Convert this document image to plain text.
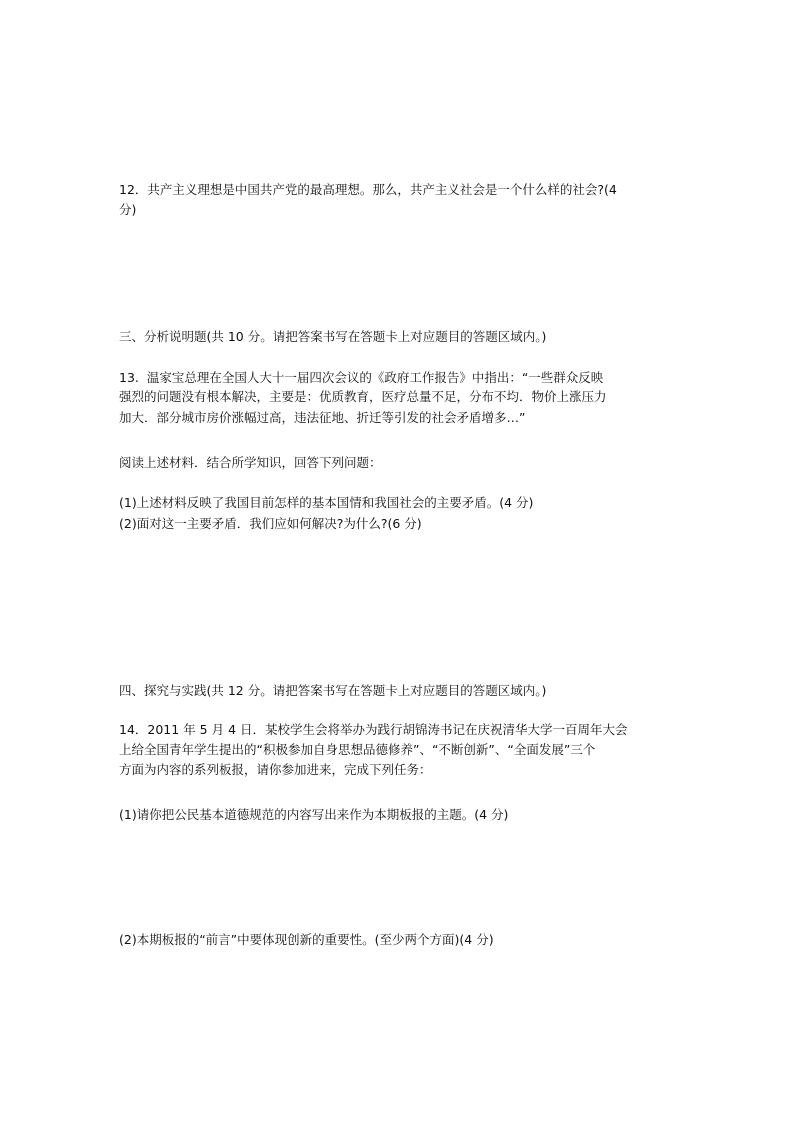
12．共产主义理想是中国共产党的最高理想。那么，共产主义社会是一个什么样的社会?(4
分)
三、分析说明题(共 10 分。请把答案书写在答题卡上对应题目的答题区域内。)
13.  温家宝总理在全国人大十一届四次会议的《政府工作报告》中指出：“一些群众反映
强烈的问题没有根本解决，主要是：优质教育，医疗总量不足，分布不均．物价上涨压力
加大．部分城市房价涨幅过高，违法征地、折迁等引发的社会矛盾增多…”
阅读上述材料．结合所学知识，回答下列问题：
(1)上述材料反映了我国目前怎样的基本国情和我国社会的主要矛盾。(4 分)
(2)面对这一主要矛盾．我们应如何解决?为什么?(6 分)
四、探究与实践(共 12 分。请把答案书写在答题卡上对应题目的答题区域内。)
14．2011 年 5 月 4 日．某校学生会将举办为践行胡锦涛书记在庆祝清华大学一百周年大会
上给全国青年学生提出的“积极参加自身思想品德修养”、“不断创新”、“全面发展”三个
方面为内容的系列板报，请你参加进来，完成下列任务：
(1)请你把公民基本道德规范的内容写出来作为本期板报的主题。(4 分)
(2)本期板报的“前言”中要体现创新的重要性。(至少两个方面)(4 分)
